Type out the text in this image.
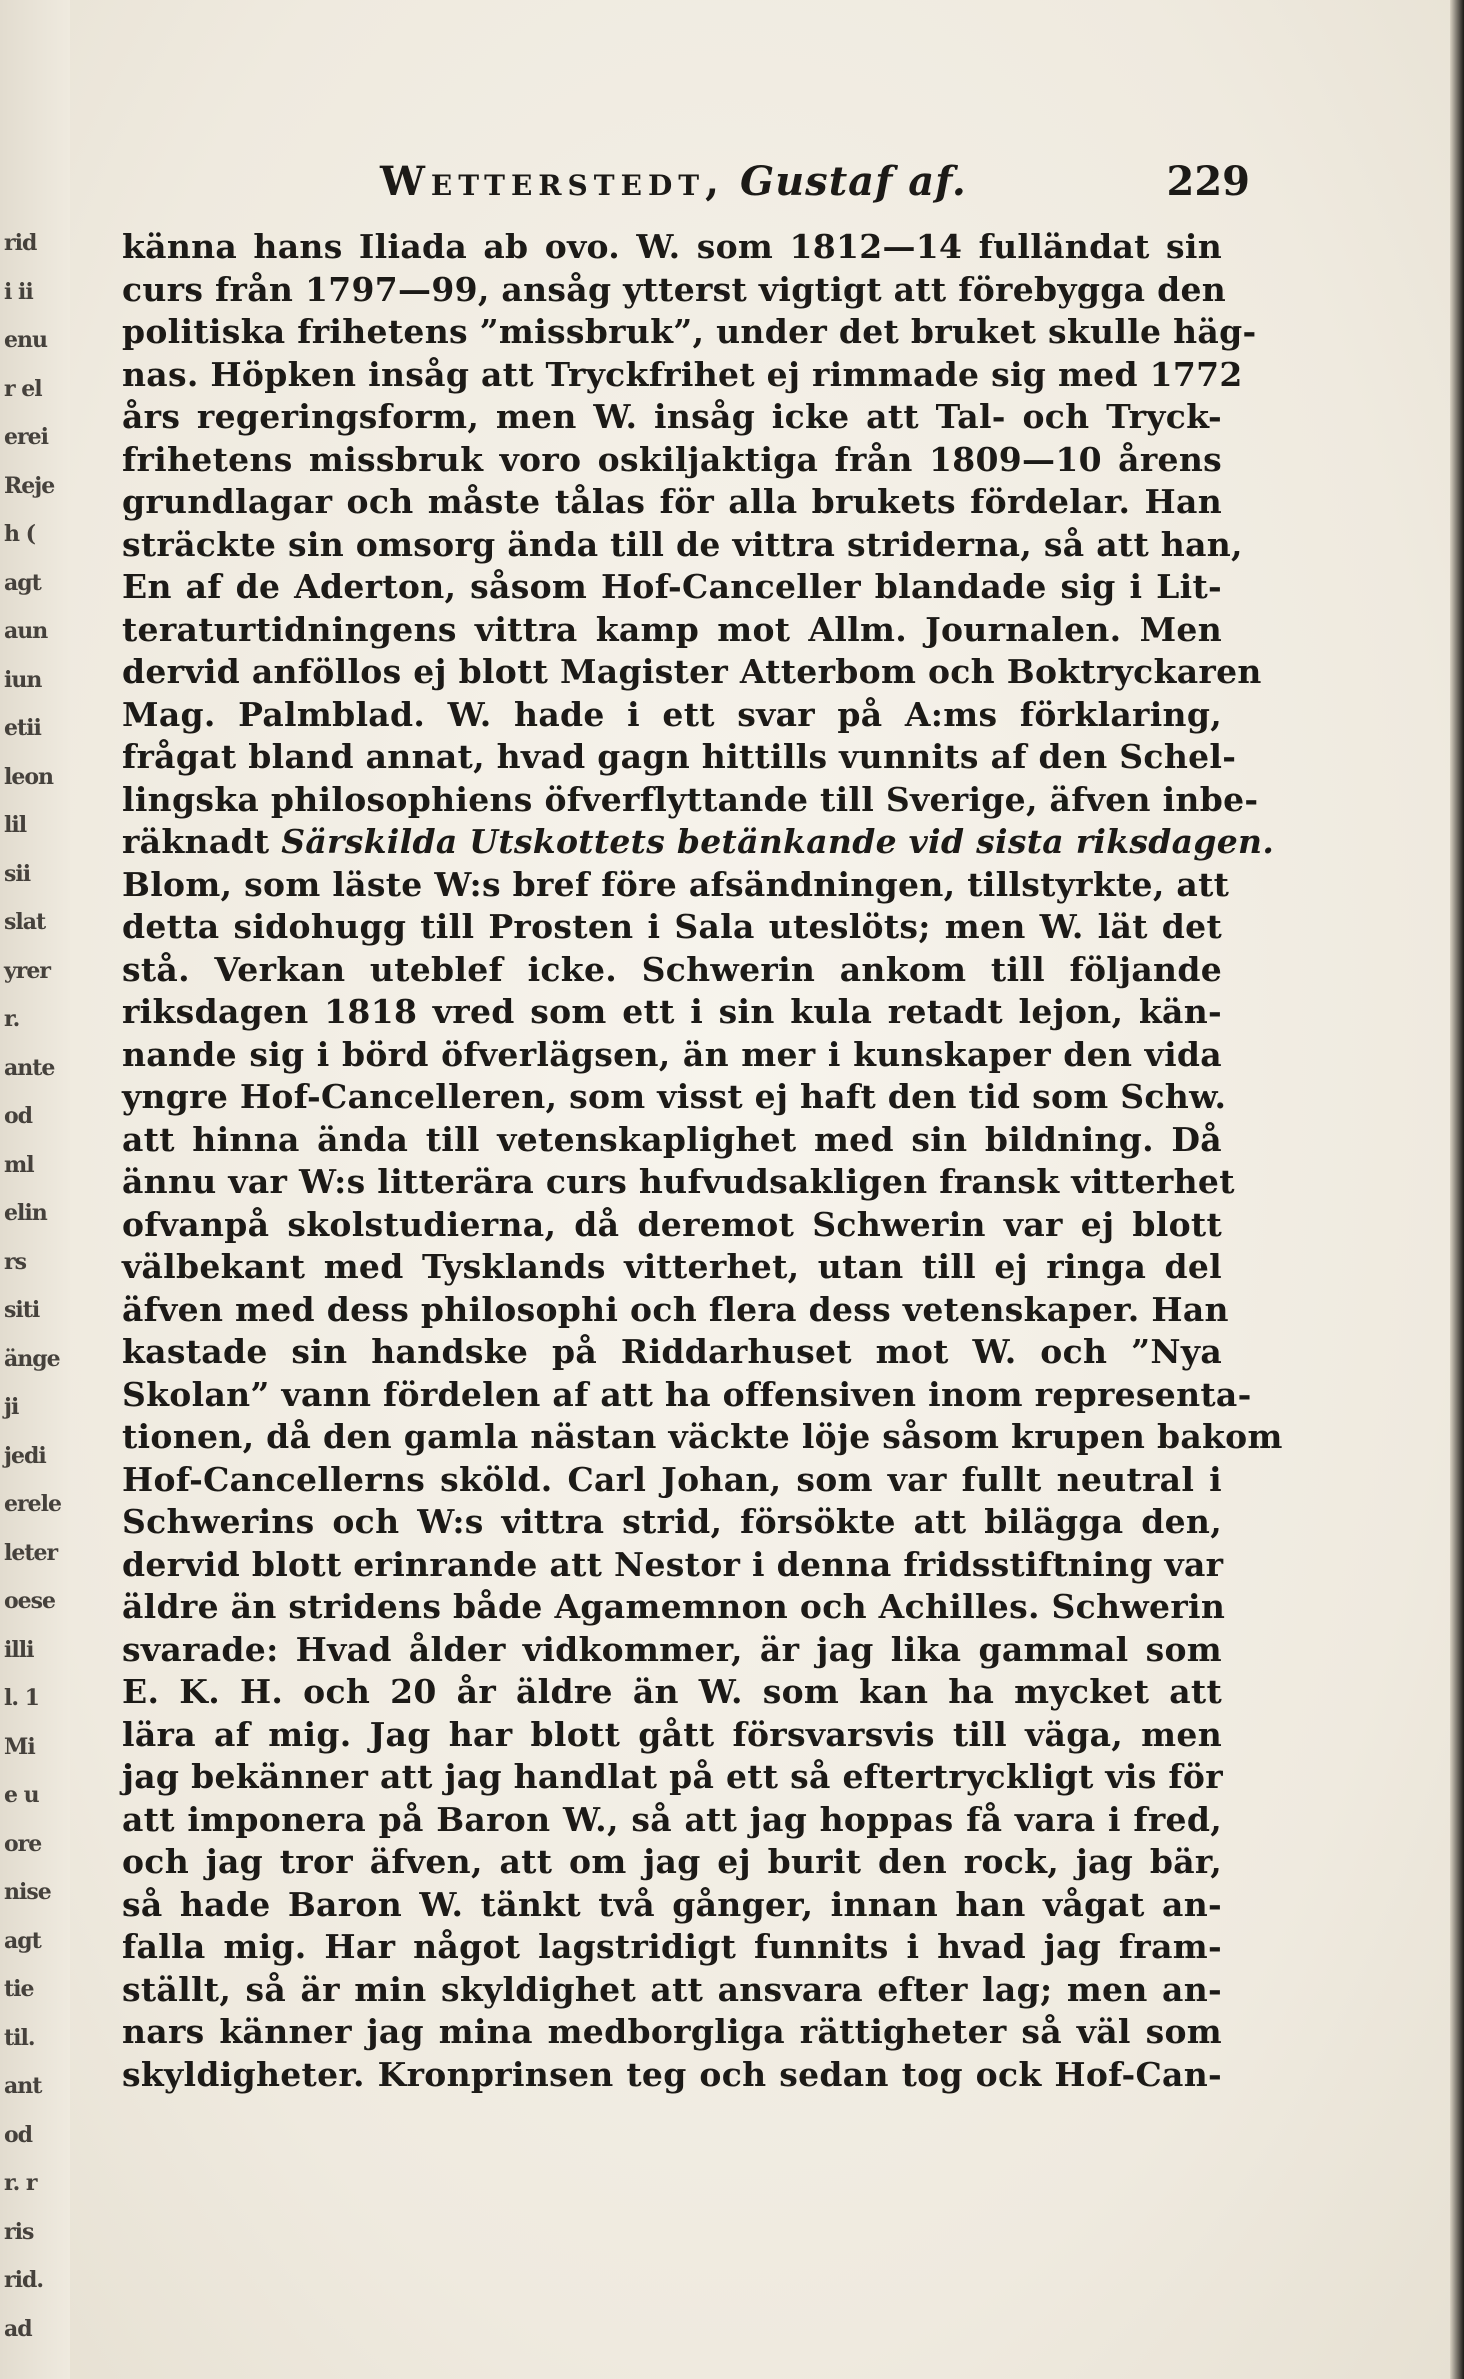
rid
i ii
enu
r el
erei
Reje
h (
agt
aun
iun
etii
leon
lil
sii
slat
yrer
r.
ante
od
ml
elin
rs
siti
änge
ji
jedi
erele
leter
oese
illi
l. 1
Mi
e u
ore
nise
agt
tie
til.
ant
od
r. r
ris
rid.
ad
Wetterstedt, Gustaf af.	229
känna hans Iliada ab ovo. W. som 1812—14 fulländat sin
curs från 1797—99, ansåg ytterst vigtigt att förebygga den
politiska frihetens ”missbruk”, under det bruket skulle häg-
nas. Höpken insåg att Tryckfrihet ej rimmade sig med 1772
års regeringsform, men W. insåg icke att Tal- och Tryck-
frihetens missbruk voro oskiljaktiga från 1809—10 årens
grundlagar och måste tålas för alla brukets fördelar. Han
sträckte sin omsorg ända till de vittra striderna, så att han,
En af de Aderton, såsom Hof-Canceller blandade sig i Lit-
teraturtidningens vittra kamp mot Allm. Journalen. Men
dervid anföllos ej blott Magister Atterbom och Boktryckaren
Mag. Palmblad. W. hade i ett svar på A:ms förklaring,
frågat bland annat, hvad gagn hittills vunnits af den Schel-
lingska philosophiens öfverflyttande till Sverige, äfven inbe-
räknadt Särskilda Utskottets betänkande vid sista riksdagen.
Blom, som läste W:s bref före afsändningen, tillstyrkte, att
detta sidohugg till Prosten i Sala uteslöts; men W. lät det
stå. Verkan uteblef icke. Schwerin ankom till följande
riksdagen 1818 vred som ett i sin kula retadt lejon, kän-
nande sig i börd öfverlägsen, än mer i kunskaper den vida
yngre Hof-Cancelleren, som visst ej haft den tid som Schw.
att hinna ända till vetenskaplighet med sin bildning. Då
ännu var W:s litterära curs hufvudsakligen fransk vitterhet
ofvanpå skolstudierna, då deremot Schwerin var ej blott
välbekant med Tysklands vitterhet, utan till ej ringa del
äfven med dess philosophi och flera dess vetenskaper. Han
kastade sin handske på Riddarhuset mot W. och ”Nya
Skolan” vann fördelen af att ha offensiven inom representa-
tionen, då den gamla nästan väckte löje såsom krupen bakom
Hof-Cancellerns sköld. Carl Johan, som var fullt neutral i
Schwerins och W:s vittra strid, försökte att bilägga den,
dervid blott erinrande att Nestor i denna fridsstiftning var
äldre än stridens både Agamemnon och Achilles. Schwerin
svarade: Hvad ålder vidkommer, är jag lika gammal som
E. K. H. och 20 år äldre än W. som kan ha mycket att
lära af mig. Jag har blott gått försvarsvis till väga, men
jag bekänner att jag handlat på ett så eftertryckligt vis för
att imponera på Baron W., så att jag hoppas få vara i fred,
och jag tror äfven, att om jag ej burit den rock, jag bär,
så hade Baron W. tänkt två gånger, innan han vågat an-
falla mig. Har något lagstridigt funnits i hvad jag fram-
ställt, så är min skyldighet att ansvara efter lag; men an-
nars känner jag mina medborgliga rättigheter så väl som
skyldigheter. Kronprinsen teg och sedan tog ock Hof-Can-
